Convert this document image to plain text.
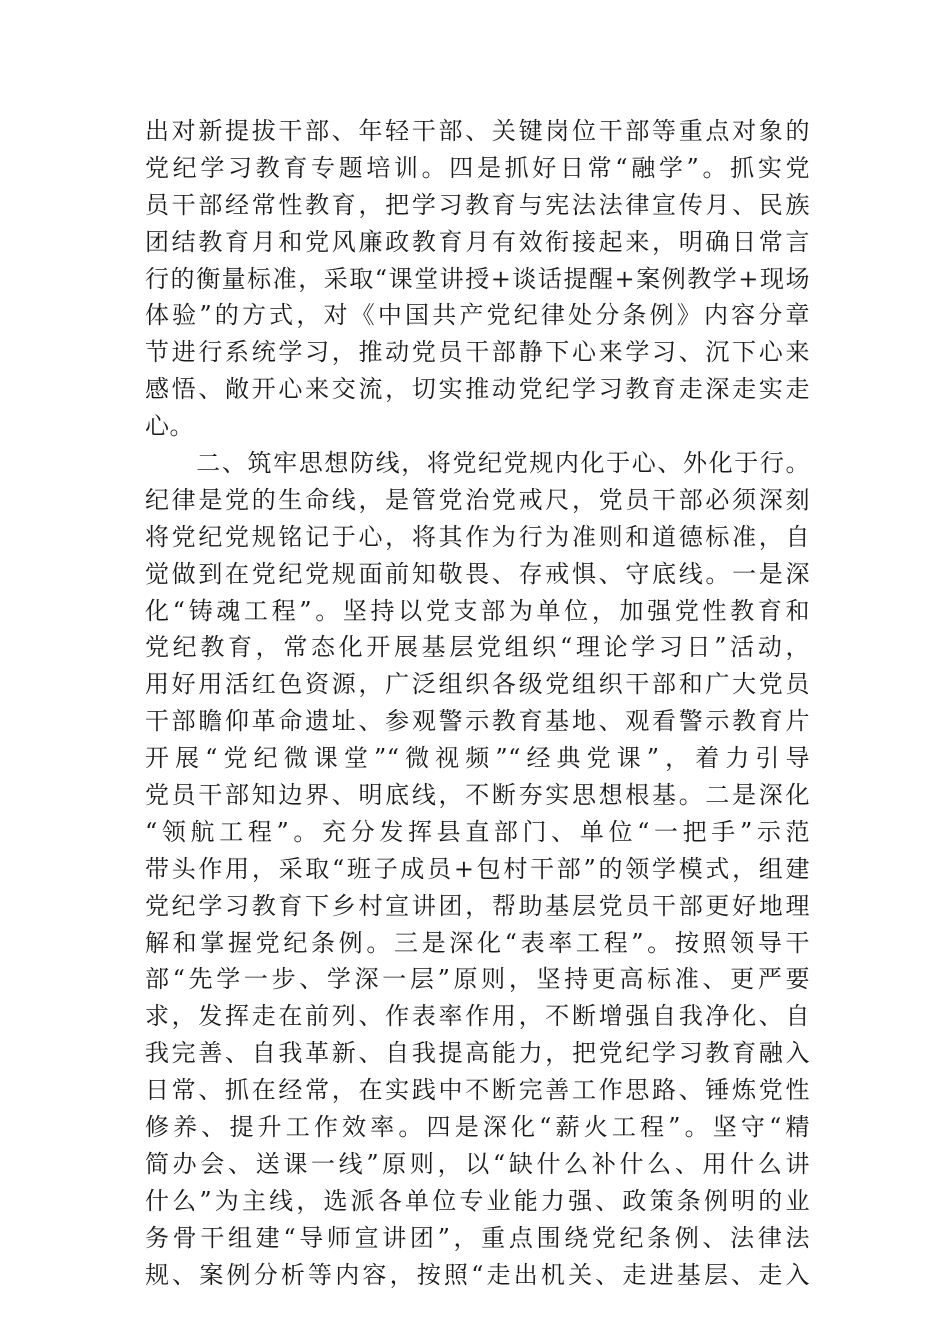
出对新提拔干部、年轻干部、关键岗位干部等重点对象的
党纪学习教育专题培训。四是抓好日常“融学”。抓实党
员干部经常性教育，把学习教育与宪法法律宣传月、民族
团结教育月和党风廉政教育月有效衔接起来，明确日常言
行的衡量标准，采取“课堂讲授+谈话提醒+案例教学+现场
体验”的方式，对《中国共产党纪律处分条例》内容分章
节进行系统学习，推动党员干部静下心来学习、沉下心来
感悟、敞开心来交流，切实推动党纪学习教育走深走实走
心。
　　二、筑牢思想防线，将党纪党规内化于心、外化于行。
纪律是党的生命线，是管党治党戒尺，党员干部必须深刻
将党纪党规铭记于心，将其作为行为准则和道德标准，自
觉做到在党纪党规面前知敬畏、存戒惧、守底线。一是深
化“铸魂工程”。坚持以党支部为单位，加强党性教育和
党纪教育，常态化开展基层党组织“理论学习日”活动，
用好用活红色资源，广泛组织各级党组织干部和广大党员
干部瞻仰革命遗址、参观警示教育基地、观看警示教育片
开展“党纪微课堂”“微视频”“经典党课”，着力引导
党员干部知边界、明底线，不断夯实思想根基。二是深化
“领航工程”。充分发挥县直部门、单位“一把手”示范
带头作用，采取“班子成员+包村干部”的领学模式，组建
党纪学习教育下乡村宣讲团，帮助基层党员干部更好地理
解和掌握党纪条例。三是深化“表率工程”。按照领导干
部“先学一步、学深一层”原则，坚持更高标准、更严要
求，发挥走在前列、作表率作用，不断增强自我净化、自
我完善、自我革新、自我提高能力，把党纪学习教育融入
日常、抓在经常，在实践中不断完善工作思路、锤炼党性
修养、提升工作效率。四是深化“薪火工程”。坚守“精
简办会、送课一线”原则，以“缺什么补什么、用什么讲
什么”为主线，选派各单位专业能力强、政策条例明的业
务骨干组建“导师宣讲团”，重点围绕党纪条例、法律法
规、案例分析等内容，按照“走出机关、走进基层、走入
